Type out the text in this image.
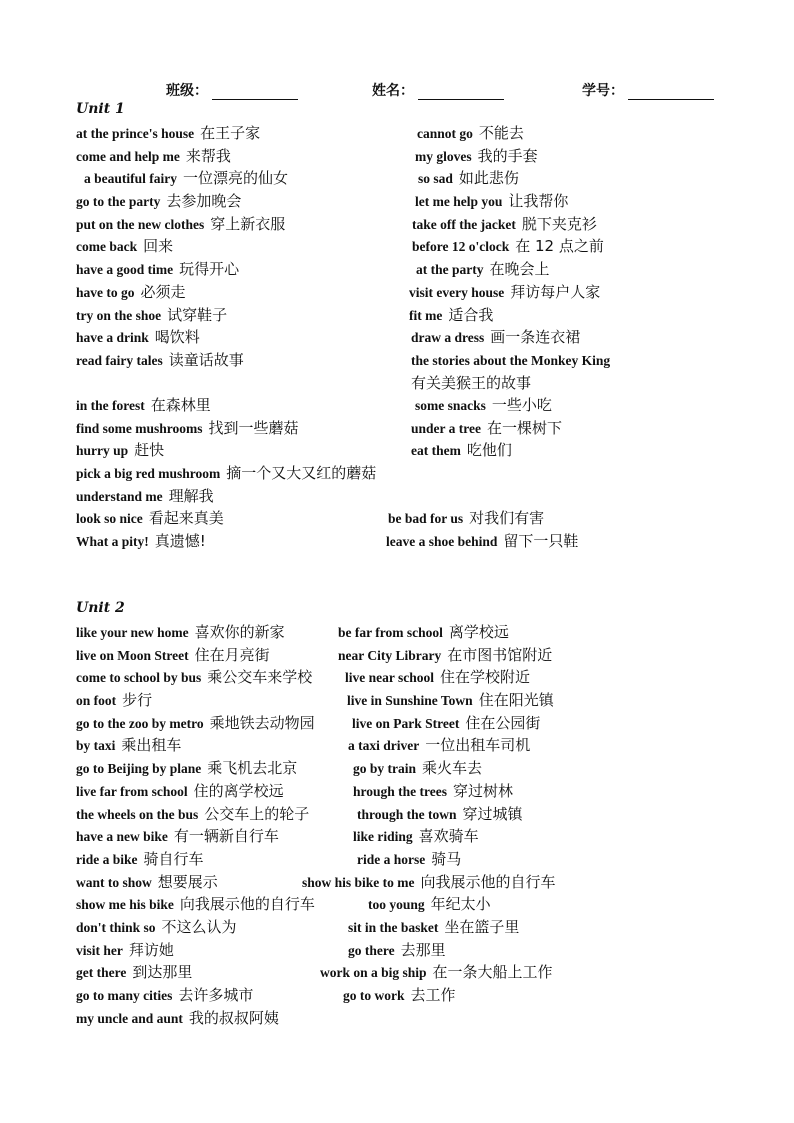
班级：	姓名：	学号：
Unit 1
at the prince's house 在王子家	cannot go 不能去
come and help me 来帮我	my gloves 我的手套
a beautiful fairy 一位漂亮的仙女	so sad 如此悲伤
go to the party 去参加晚会	let me help you 让我帮你
put on the new clothes 穿上新衣服	take off the jacket 脱下夹克衫
come back 回来	before 12 o'clock 在 12 点之前
have a good time 玩得开心	at the party 在晚会上
have to go 必须走	visit every house 拜访每户人家
try on the shoe 试穿鞋子	fit me 适合我
have a drink 喝饮料	draw a dress 画一条连衣裙
read fairy tales 读童话故事	the stories about the Monkey King
有关美猴王的故事
in the forest 在森林里	some snacks 一些小吃
find some mushrooms 找到一些蘑菇	under a tree 在一棵树下
hurry up 赶快	eat them 吃他们
pick a big red mushroom 摘一个又大又红的蘑菇
understand me 理解我
look so nice 看起来真美	be bad for us 对我们有害
What a pity! 真遗憾!	leave a shoe behind 留下一只鞋
Unit 2
like your new home 喜欢你的新家	be far from school 离学校远
live on Moon Street 住在月亮街	near City Library 在市图书馆附近
come to school by bus 乘公交车来学校 live near school 住在学校附近
on foot 步行	live in Sunshine Town 住在阳光镇
go to the zoo by metro 乘地铁去动物园	live on Park Street 住在公园街
by taxi 乘出租车	a taxi driver 一位出租车司机
go to Beijing by plane 乘飞机去北京	go by train 乘火车去
live far from school 住的离学校远	hrough the trees 穿过树林
the wheels on the bus 公交车上的轮子	through the town 穿过城镇
have a new bike 有一辆新自行车	like riding 喜欢骑车
ride a bike 骑自行车	ride a horse 骑马
want to show 想要展示	show his bike to me 向我展示他的自行车
show me his bike 向我展示他的自行车	too young 年纪太小
don't think so 不这么认为	sit in the basket 坐在篮子里
visit her 拜访她	go there 去那里
get there 到达那里	work on a big ship 在一条大船上工作
go to many cities 去许多城市	go to work 去工作
my uncle and aunt 我的叔叔阿姨
